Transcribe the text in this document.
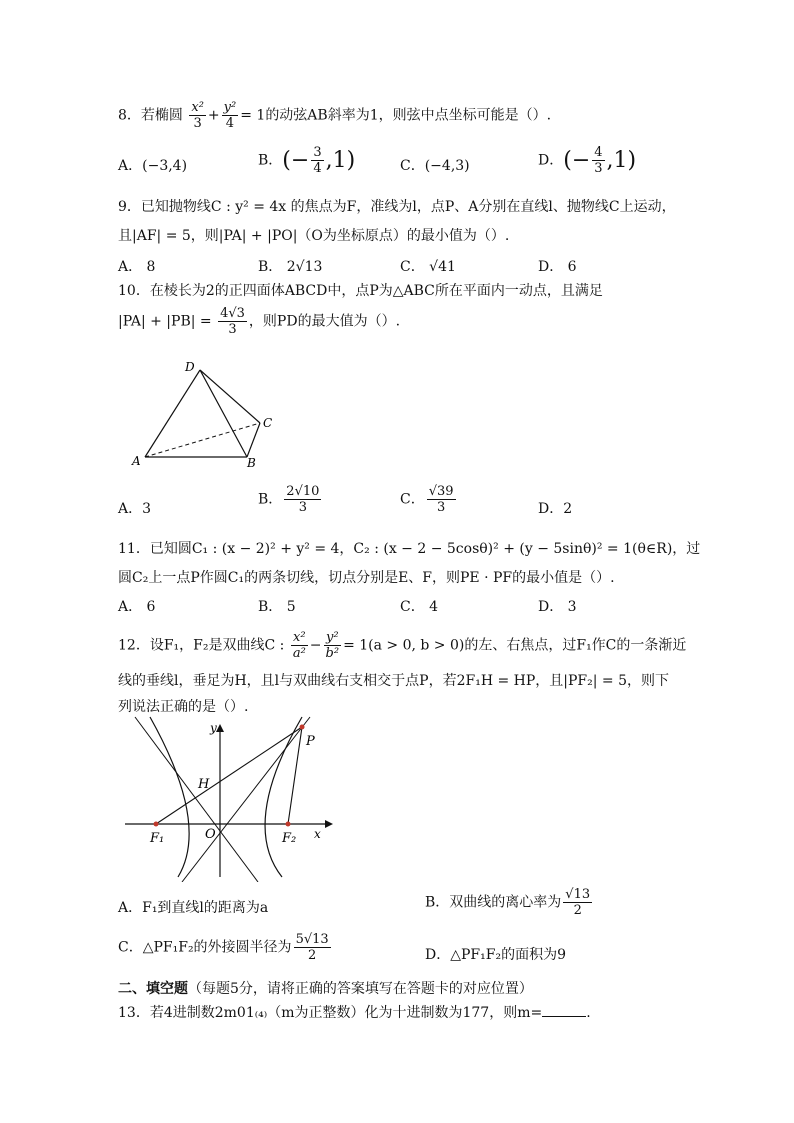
8．若椭圆 $\frac{\text{x²}}{3} + \frac{\text{y²}}{4} = 1$的动弦AB斜率为1，则弦中点坐标可能是（）.
A．(−3,4)	B．(− $\frac{3}{4} ,1$)	C．(−4,3)	D．(− $\frac{4}{3} ,1$)
9．已知抛物线C : y² = 4x 的焦点为F，准线为l，点P、A分别在直线l、抛物线C上运动，
且|AF| = 5，则|PA| + |PO|（O为坐标原点）的最小值为（）.
A． 8	B． 2√13	C． √41	D． 6
10．在棱长为2的正四面体ABCD中，点P为△ABC所在平面内一动点，且满足
$|PA| + |PB| = \frac{4√3}{3}$ ，则PD的最大值为（）.
D
C
A	B
A．3
B． $\frac{2√10}{3}$	C． $\frac{√39}{3}$	D．2
11．已知圆C₁ : (x − 2)² + y² = 4，C₂ : (x − 2 − 5cosθ)² + (y − 5sinθ)² = 1(θ∈R)，过
圆C₂上一点P作圆C₁的两条切线，切点分别是E、F，则PE · PF的最小值是（）.
A． 6	B． 5	C． 4	D． 3
12．设F₁，F₂是双曲线C : $\frac{\text{x²}}{\text{a²}} - \frac{\text{y²}}{\text{b²}} = 1(a > 0$, b > 0)的左、右焦点，过F₁作C的一条渐近
线的垂线l，垂足为H，且l与双曲线右支相交于点P，若2F₁H = HP，且|PF₂| = 5，则下
列说法正确的是（）.
y
x
P
H
O
F₁	F₂
A．F₁到直线l的距离为a	B．双曲线的离心率为 $\frac{√13}{2}$
C．△PF₁F₂的外接圆半径为 $\frac{5√13}{2}$	D．△PF₁F₂的面积为9
二、填空题（每题5分，请将正确的答案填写在答题卡的对应位置）
13．若4进制数2m01₍₄₎（m为正整数）化为十进制数为177，则m=	.
